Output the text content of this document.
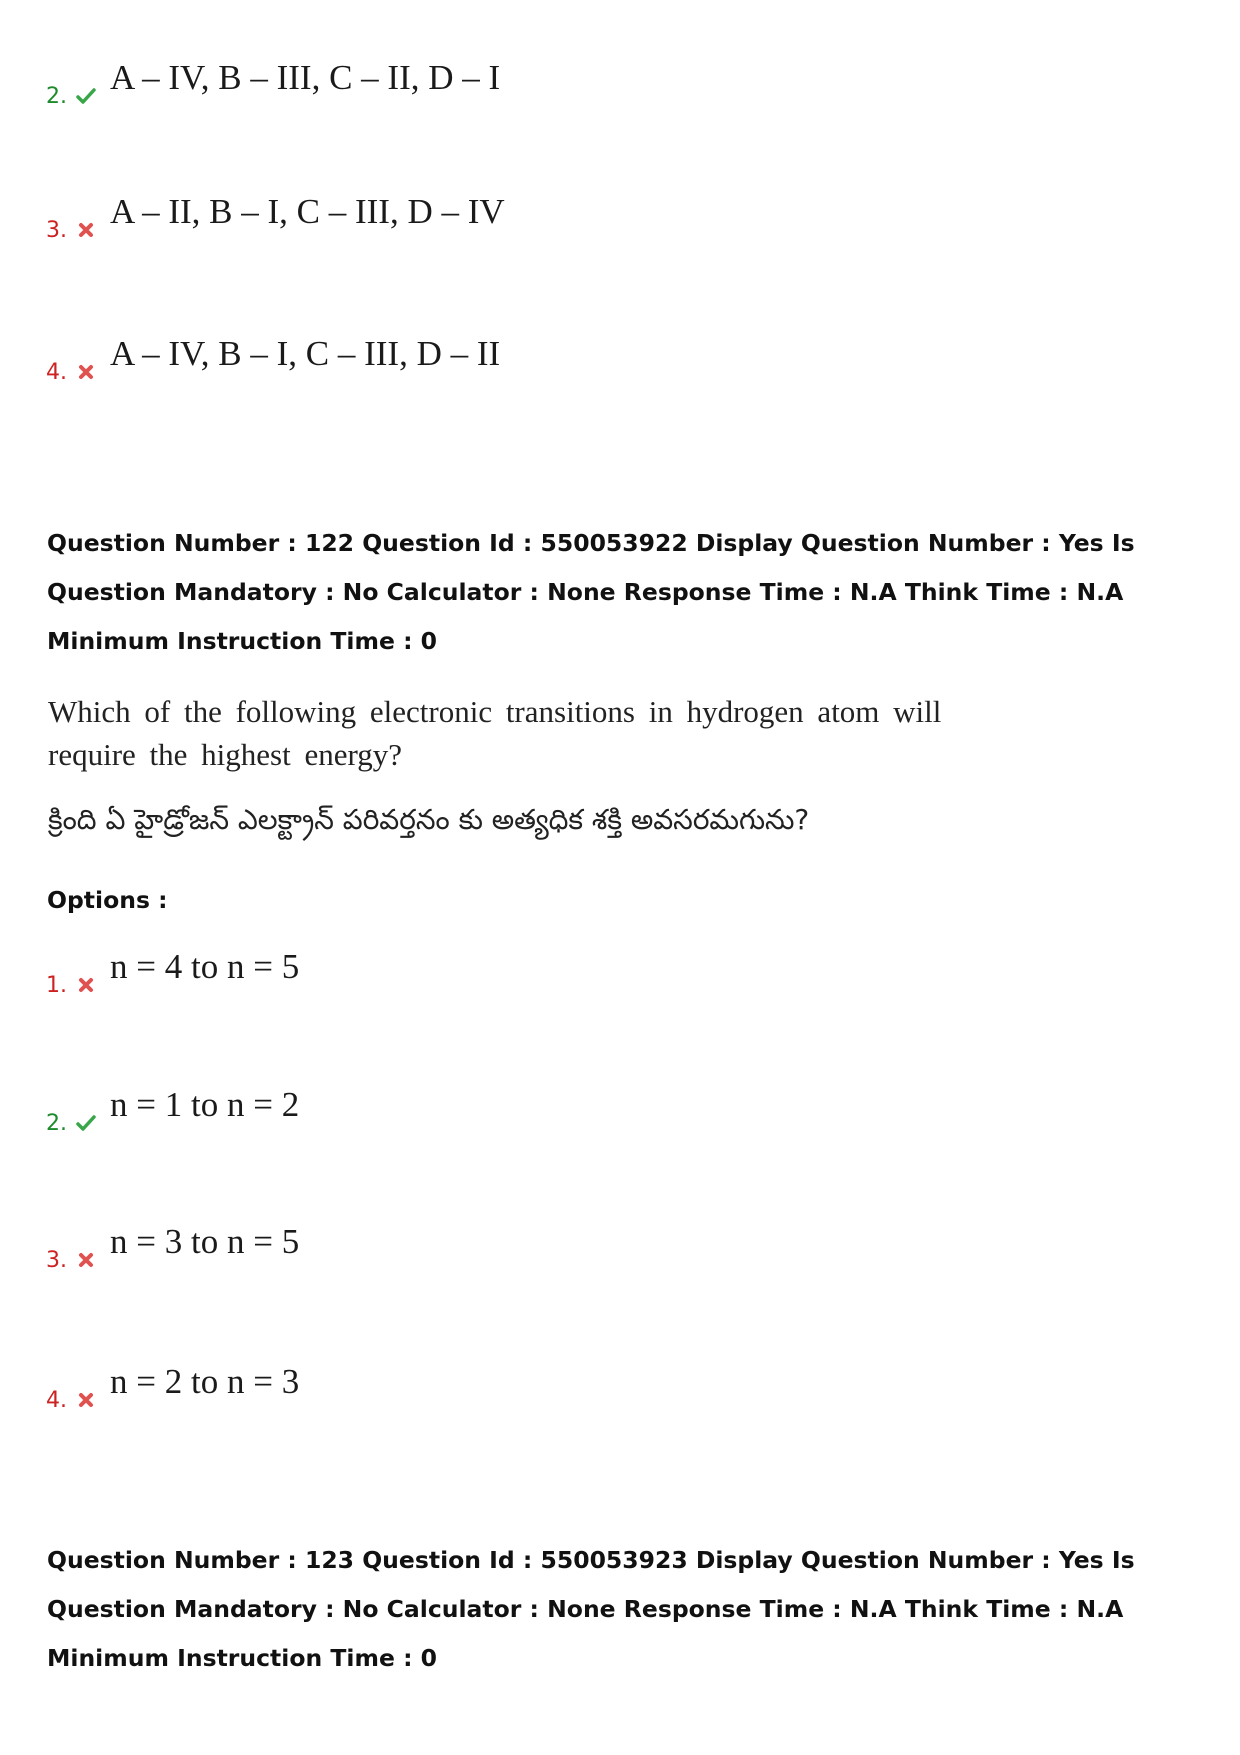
2. A – IV, B – III, C – II, D – I
3. A – II, B – I, C – III, D – IV
4. A – IV, B – I, C – III, D – II

Question Number : 122 Question Id : 550053922 Display Question Number : Yes Is Question Mandatory : No Calculator : None Response Time : N.A Think Time : N.A Minimum Instruction Time : 0

Which of the following electronic transitions in hydrogen atom will require the highest energy?

క్రింది ఏ హైడ్రోజన్ ఎలక్ట్రాన్ పరివర్తనం కు అత్యధిక శక్తి అవసరమగును?

Options :

1. n = 4 to n = 5
2. n = 1 to n = 2
3. n = 3 to n = 5
4. n = 2 to n = 3

Question Number : 123 Question Id : 550053923 Display Question Number : Yes Is Question Mandatory : No Calculator : None Response Time : N.A Think Time : N.A Minimum Instruction Time : 0
